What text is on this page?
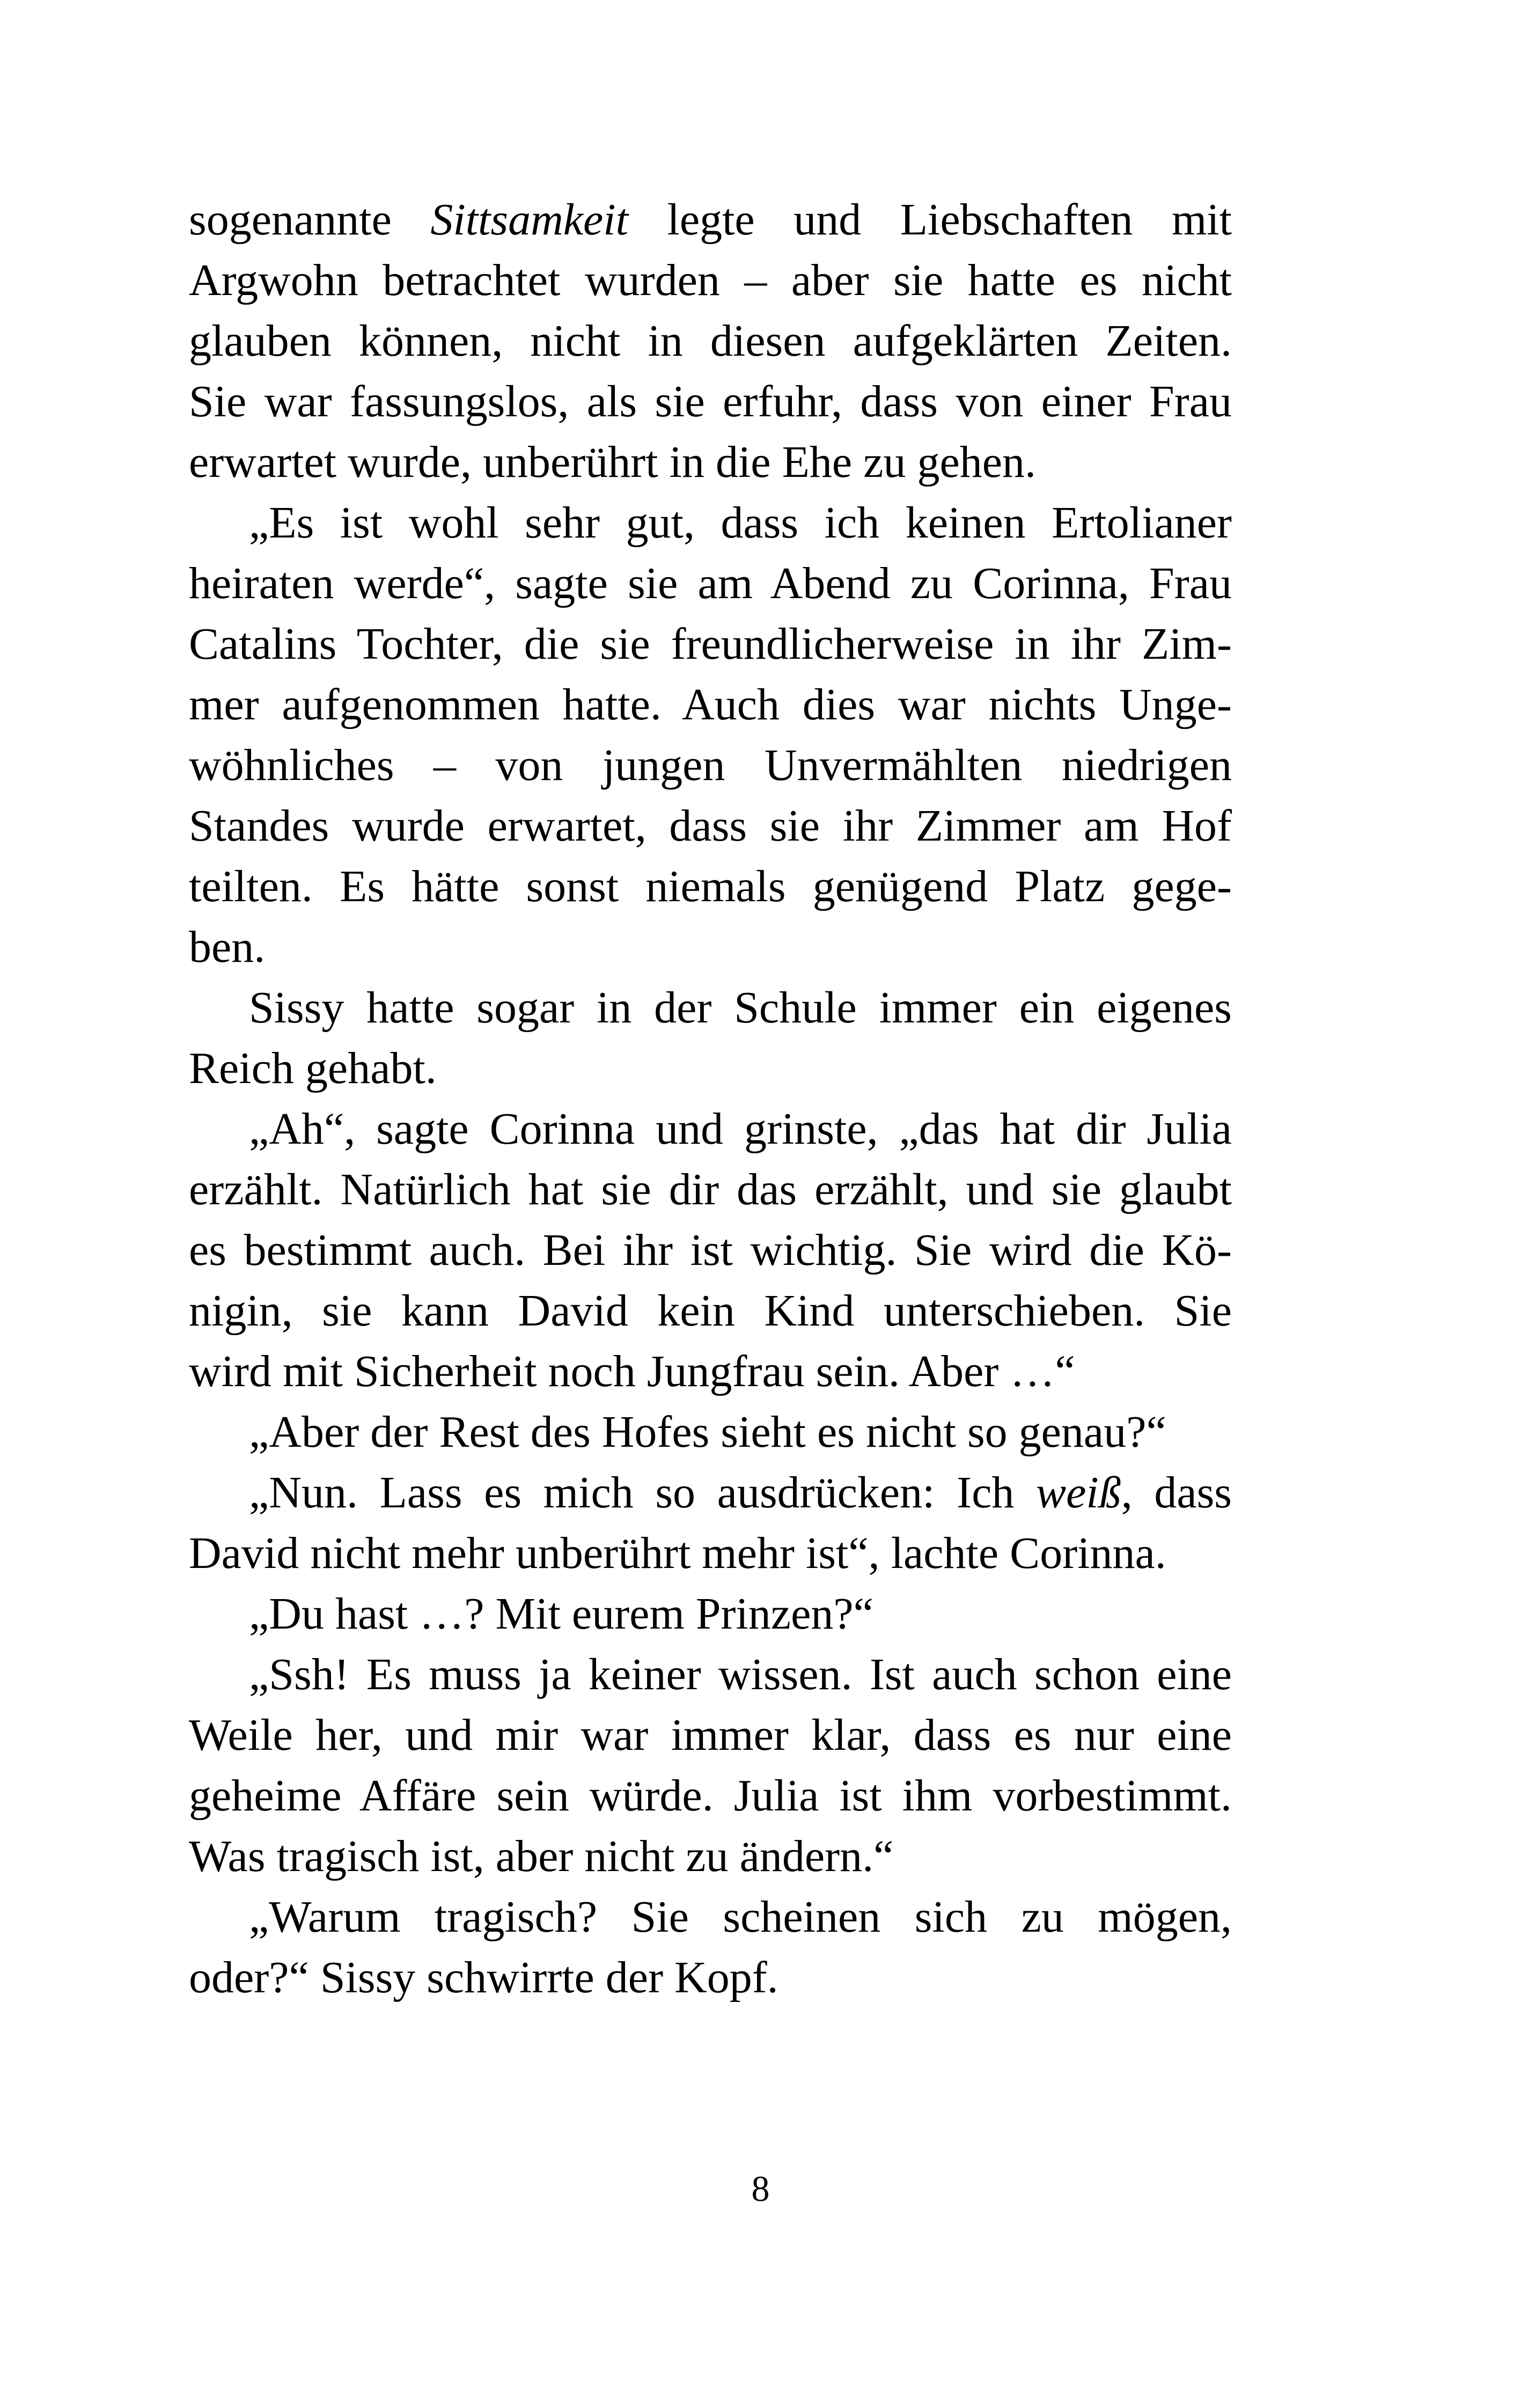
sogenannte Sittsamkeit legte und Liebschaften mit
Argwohn betrachtet wurden – aber sie hatte es nicht
glauben können, nicht in diesen aufgeklärten Zeiten.
Sie war fassungslos, als sie erfuhr, dass von einer Frau
erwartet wurde, unberührt in die Ehe zu gehen.
„Es ist wohl sehr gut, dass ich keinen Ertolianer
heiraten werde“, sagte sie am Abend zu Corinna, Frau
Catalins Tochter, die sie freundlicherweise in ihr Zim-
mer aufgenommen hatte. Auch dies war nichts Unge-
wöhnliches – von jungen Unvermählten niedrigen
Standes wurde erwartet, dass sie ihr Zimmer am Hof
teilten. Es hätte sonst niemals genügend Platz gege-
ben.
Sissy hatte sogar in der Schule immer ein eigenes
Reich gehabt.
„Ah“, sagte Corinna und grinste, „das hat dir Julia
erzählt. Natürlich hat sie dir das erzählt, und sie glaubt
es bestimmt auch. Bei ihr ist wichtig. Sie wird die Kö-
nigin, sie kann David kein Kind unterschieben. Sie
wird mit Sicherheit noch Jungfrau sein. Aber …“
„Aber der Rest des Hofes sieht es nicht so genau?“
„Nun. Lass es mich so ausdrücken: Ich weiß, dass
David nicht mehr unberührt mehr ist“, lachte Corinna.
„Du hast …? Mit eurem Prinzen?“
„Ssh! Es muss ja keiner wissen. Ist auch schon eine
Weile her, und mir war immer klar, dass es nur eine
geheime Affäre sein würde. Julia ist ihm vorbestimmt.
Was tragisch ist, aber nicht zu ändern.“
„Warum tragisch? Sie scheinen sich zu mögen,
oder?“ Sissy schwirrte der Kopf.
8
